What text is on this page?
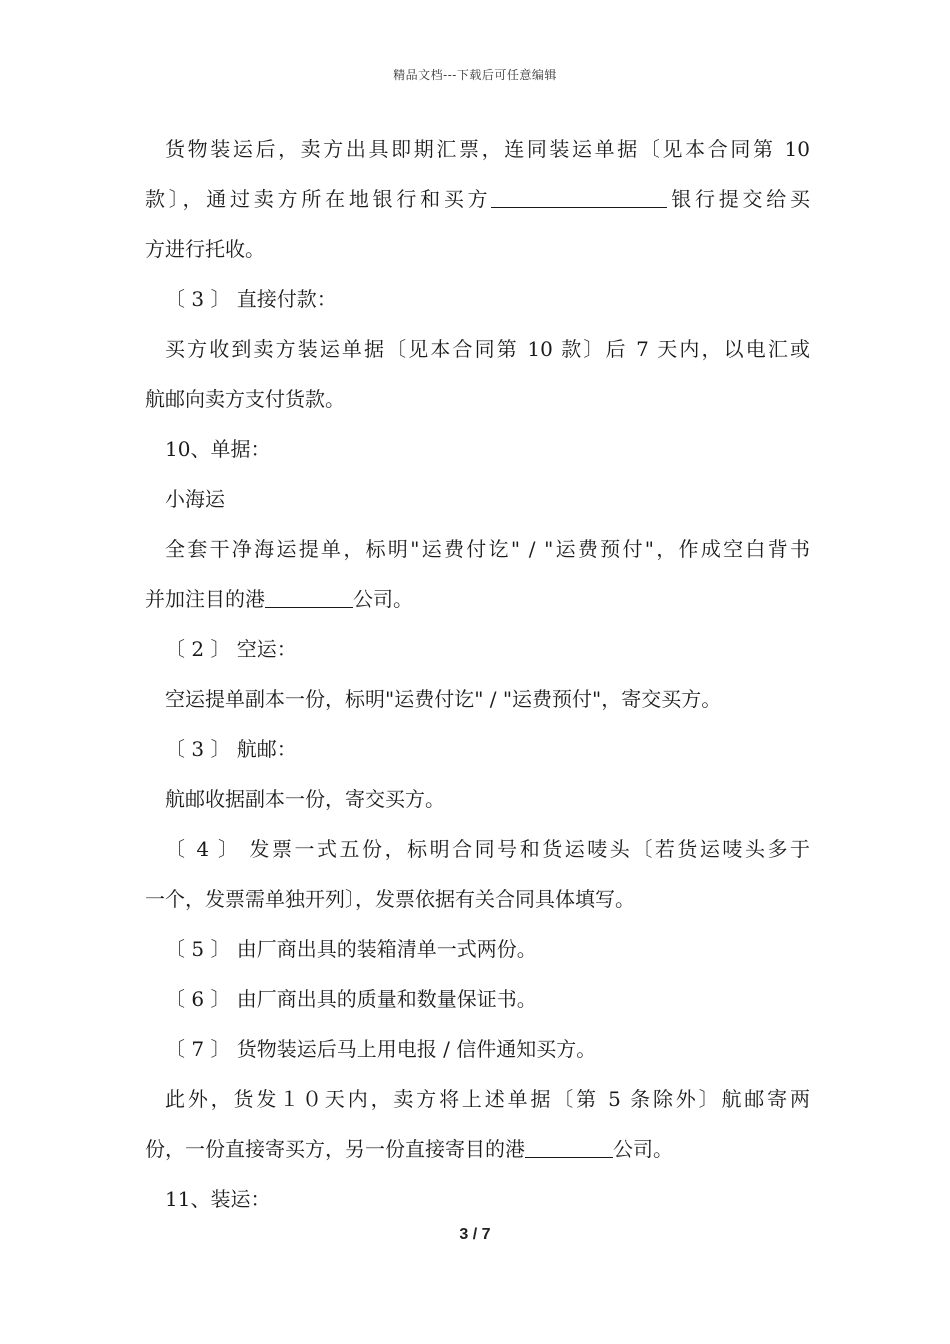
精品文档---下载后可任意编辑
货物装运后，卖方出具即期汇票，连同装运单据〔见本合同第 10
款〕，通过卖方所在地银行和买方	银行提交给买
方进行托收。
〔 3 〕 直接付款：
买方收到卖方装运单据〔见本合同第 10 款〕后 7 天内，以电汇或
航邮向卖方支付货款。
10、单据：
小海运
全套干净海运提单，标明"运费付讫" / "运费预付"，作成空白背书
并加注目的港	公司。
〔 2 〕 空运：
空运提单副本一份，标明"运费付讫" / "运费预付"，寄交买方。
〔 3 〕 航邮：
航邮收据副本一份，寄交买方。
〔 4 〕 发票一式五份，标明合同号和货运唛头〔若货运唛头多于
一个，发票需单独开列〕，发票依据有关合同具体填写。
〔 5 〕 由厂商出具的装箱清单一式两份。
〔 6 〕 由厂商出具的质量和数量保证书。
〔 7 〕 货物装运后马上用电报 / 信件通知买方。
此外，货发１０天内，卖方将上述单据〔第 5 条除外〕航邮寄两
份，一份直接寄买方，另一份直接寄目的港	公司。
11、装运：
3 / 7
